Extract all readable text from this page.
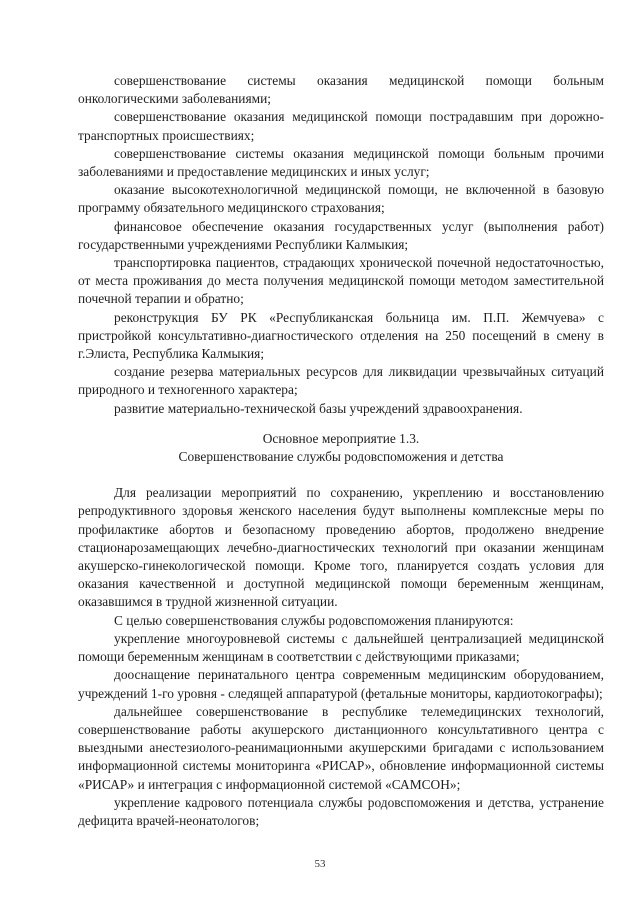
совершенствование системы оказания медицинской помощи больным онкологическими заболеваниями;

совершенствование оказания медицинской помощи пострадавшим при дорожно-транспортных происшествиях;

совершенствование системы оказания медицинской помощи больным прочими заболеваниями и предоставление медицинских и иных услуг;

оказание высокотехнологичной медицинской помощи, не включенной в базовую программу обязательного медицинского страхования;

финансовое обеспечение оказания государственных услуг (выполнения работ) государственными учреждениями Республики Калмыкия;

транспортировка пациентов, страдающих хронической почечной недостаточностью, от места проживания до места получения медицинской помощи методом заместительной почечной терапии и обратно;

реконструкция БУ РК «Республиканская больница им. П.П. Жемчуева» с пристройкой консультативно-диагностического отделения на 250 посещений в смену в г.Элиста, Республика Калмыкия;

создание резерва материальных ресурсов для ликвидации чрезвычайных ситуаций природного и техногенного характера;

развитие материально-технической базы учреждений здравоохранения.

Основное мероприятие 1.3.
Совершенствование службы родовспоможения и детства

Для реализации мероприятий по сохранению, укреплению и восстановлению репродуктивного здоровья женского населения будут выполнены комплексные меры по профилактике абортов и безопасному проведению абортов, продолжено внедрение стационарозамещающих лечебно-диагностических технологий при оказании женщинам акушерско-гинекологической помощи. Кроме того, планируется создать условия для оказания качественной и доступной медицинской помощи беременным женщинам, оказавшимся в трудной жизненной ситуации.

С целью совершенствования службы родовспоможения планируются:

укрепление многоуровневой системы с дальнейшей централизацией медицинской помощи беременным женщинам в соответствии с действующими приказами;

дооснащение перинатального центра современным медицинским оборудованием, учреждений 1-го уровня - следящей аппаратурой (фетальные мониторы, кардиотокографы);

дальнейшее совершенствование в республике телемедицинских технологий, совершенствование работы акушерского дистанционного консультативного центра с выездными анестезиолого-реанимационными акушерскими бригадами с использованием информационной системы мониторинга «РИСАР», обновление информационной системы «РИСАР» и интеграция с информационной системой «САМСОН»;

укрепление кадрового потенциала службы родовспоможения и детства, устранение дефицита врачей-неонатологов;

53
